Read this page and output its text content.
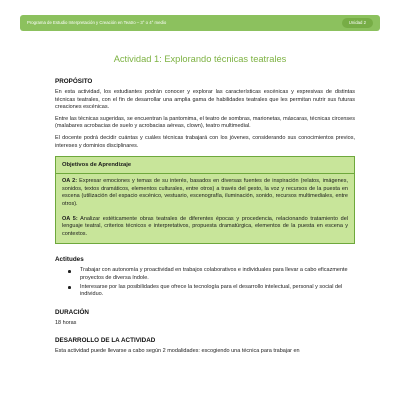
Programa de Estudio Interpretación y Creación en Teatro – 3° o 4° medio	Unidad 2
Actividad 1: Explorando técnicas teatrales
PROPÓSITO

En esta actividad, los estudiantes podrán conocer y explorar las características escénicas y expresivas de distintas técnicas teatrales, con el fin de desarrollar una amplia gama de habilidades teatrales que les permitan nutrir sus futuras creaciones escénicas.

Entre las técnicas sugeridas, se encuentran la pantomima, el teatro de sombras, marionetas, máscaras, técnicas circenses (malabares acrobacias de suelo y acrobacias aéreas, clown), teatro multimedial.

El docente podrá decidir cuántas y cuáles técnicas trabajará con los jóvenes, considerando sus conocimientos previos, intereses y dominios disciplinares.

Objetivos de Aprendizaje

OA 2: Expresar emociones y temas de su interés, basados en diversas fuentes de inspiración (relatos, imágenes, sonidos, textos dramáticos, elementos culturales, entre otros) a través del gesto, la voz y recursos de la puesta en escena (utilización del espacio escénico, vestuario, escenografía, iluminación, sonido, recursos multimediales, entre otros).

OA 5: Analizar estéticamente obras teatrales de diferentes épocas y procedencia, relacionando tratamiento del lenguaje teatral, criterios técnicos e interpretativos, propuesta dramatúrgica, elementos de la puesta en escena y contextos.

Actitudes
Trabajar con autonomía y proactividad en trabajos colaborativos e individuales para llevar a cabo eficazmente proyectos de diversa índole.
Interesarse por las posibilidades que ofrece la tecnología para el desarrollo intelectual, personal y social del individuo.
DURACIÓN

18 horas

DESARROLLO DE LA ACTIVIDAD

Esta actividad puede llevarse a cabo según 2 modalidades: escogiendo una técnica para trabajar en
